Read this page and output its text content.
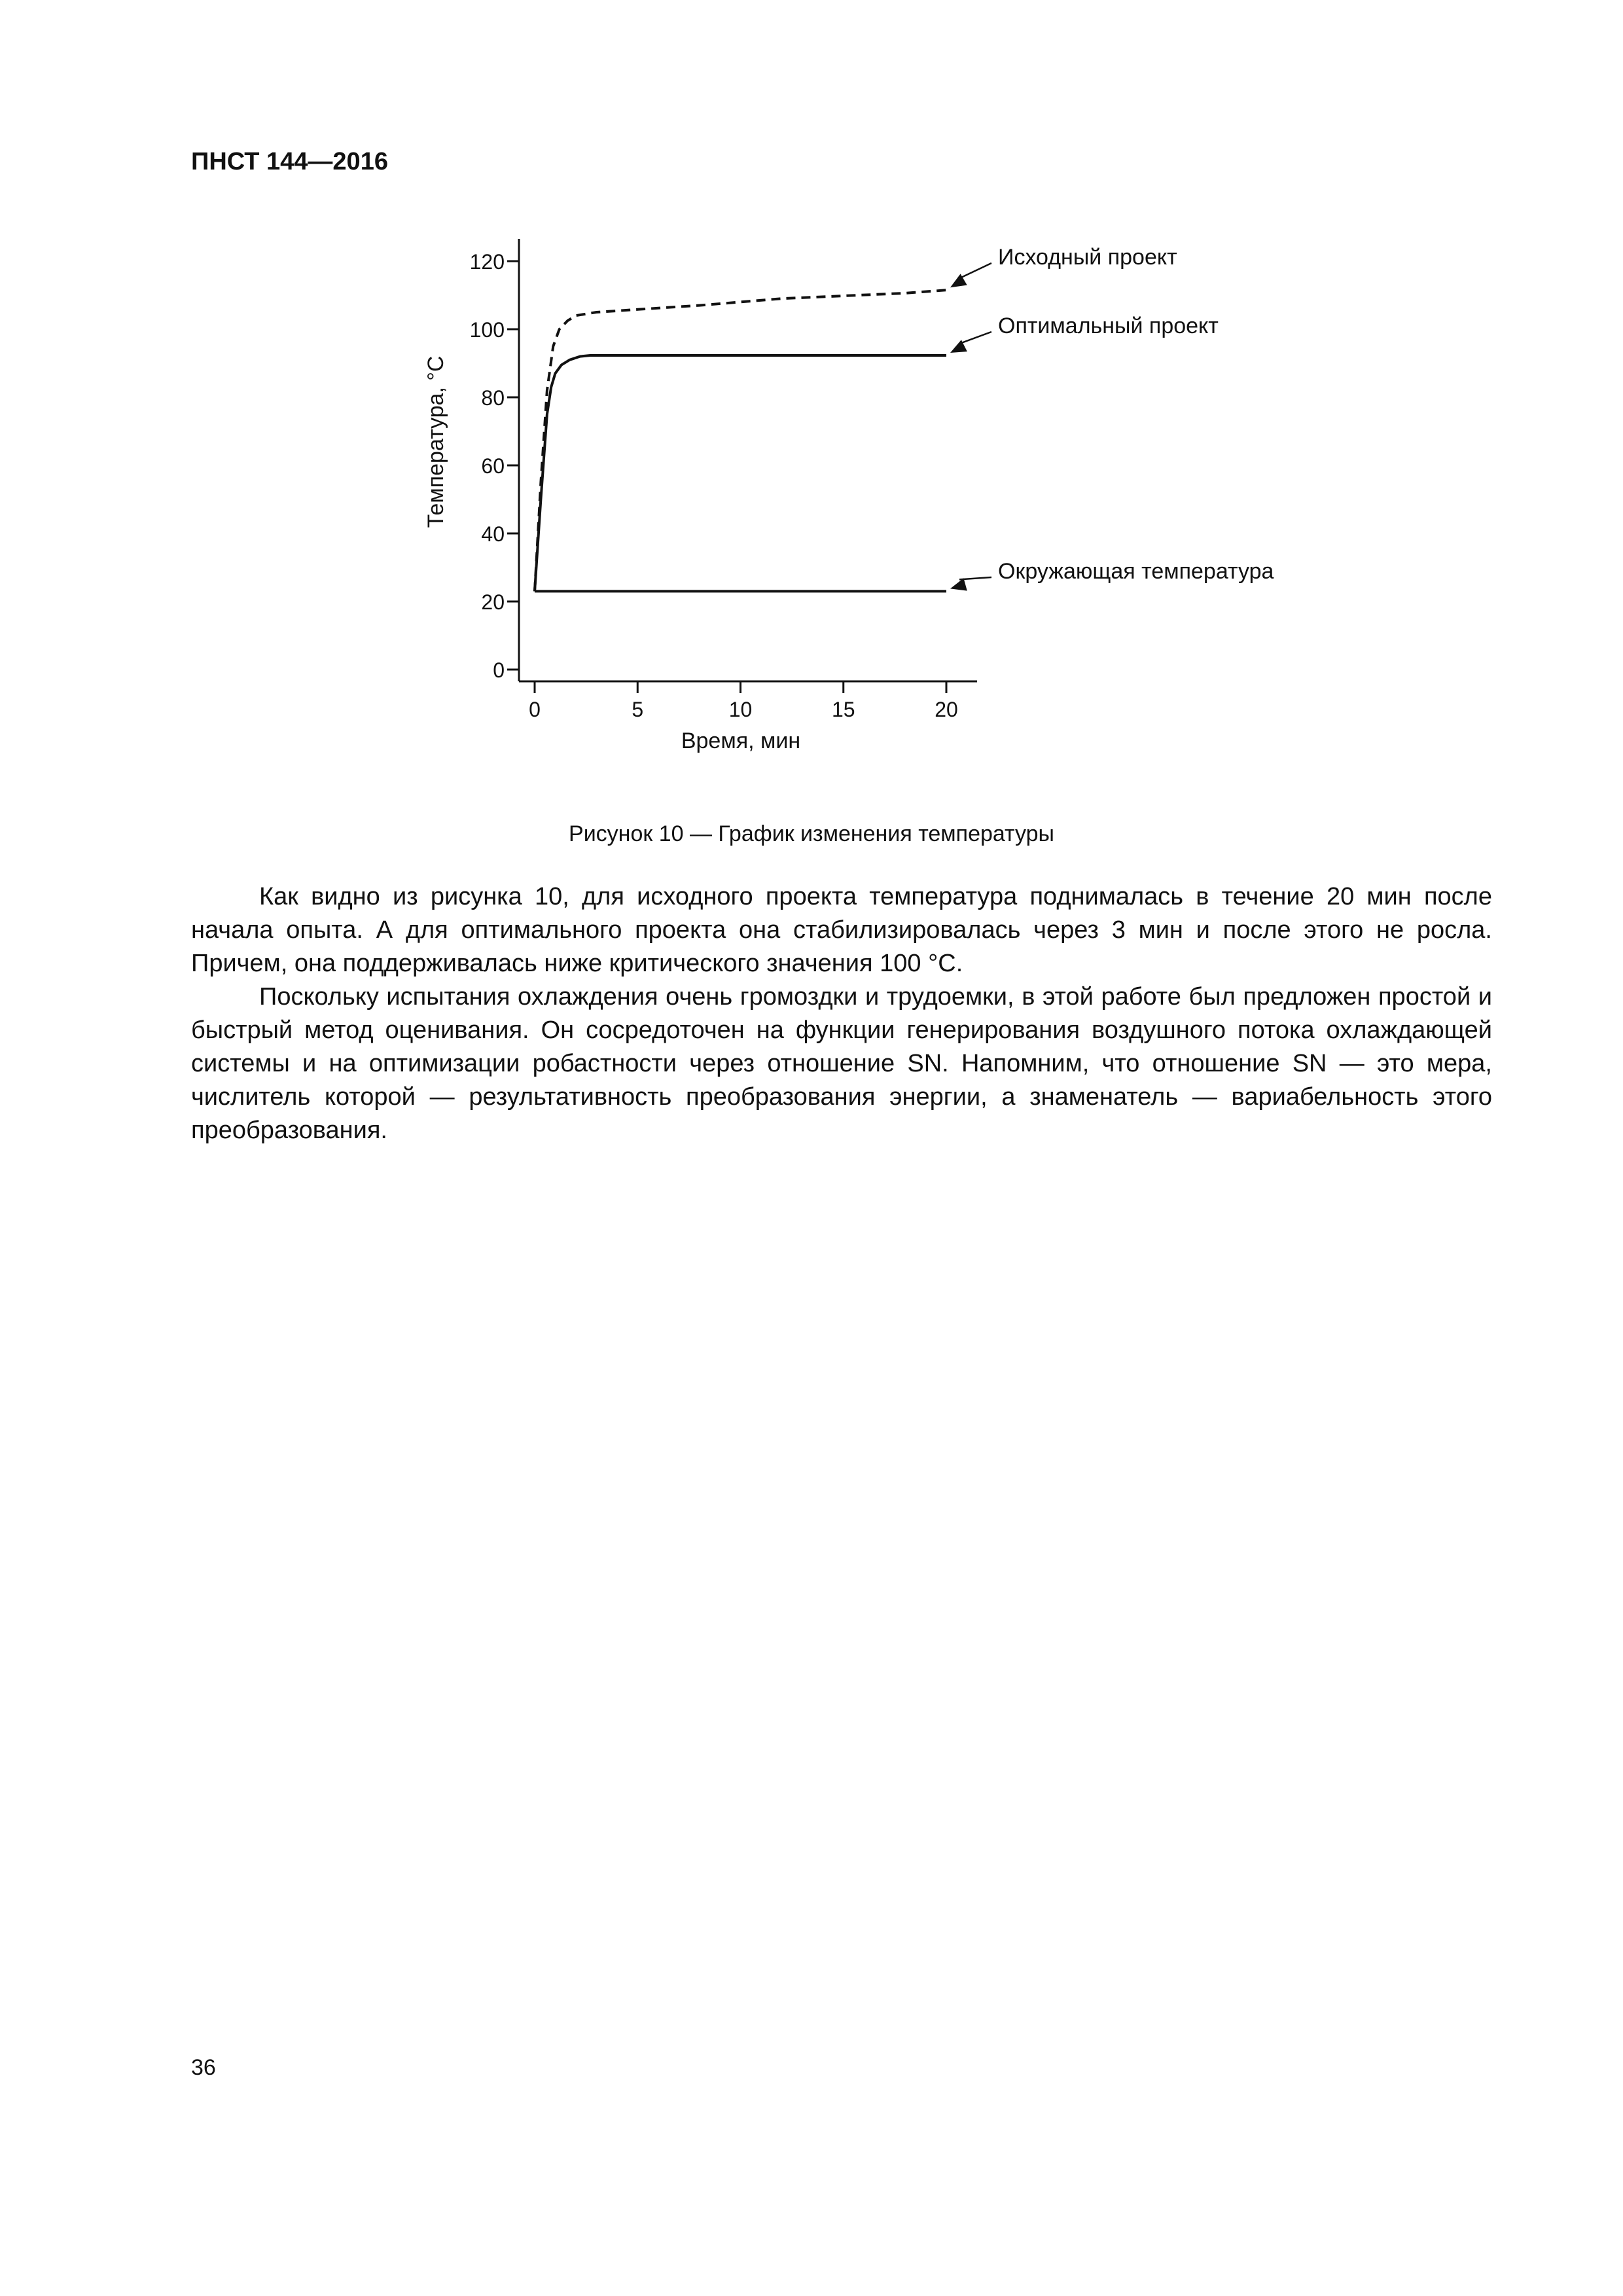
ПНСТ 144—2016
0
20
40
60
80
100
120
0	5	10	15	20
Исходный проект
Оптимальный проект
Окружающая температура
Время, мин
Температура, °С
Рисунок 10 — График изменения температуры

Как видно из рисунка 10, для исходного проекта температура поднималась в течение 20 мин после начала опыта. А для оптимального проекта она стабилизировалась через 3 мин и после этого не росла. Причем, она поддерживалась ниже критического значения 100 °С.

Поскольку испытания охлаждения очень громоздки и трудоемки, в этой работе был предложен простой и быстрый метод оценивания. Он сосредоточен на функции генерирования воздушного потока охлаждающей системы и на оптимизации робастности через отношение SN. Напомним, что отношение SN — это мера, числитель которой — результативность преобразования энергии, а знаменатель — вариабельность этого преобразования.

36
